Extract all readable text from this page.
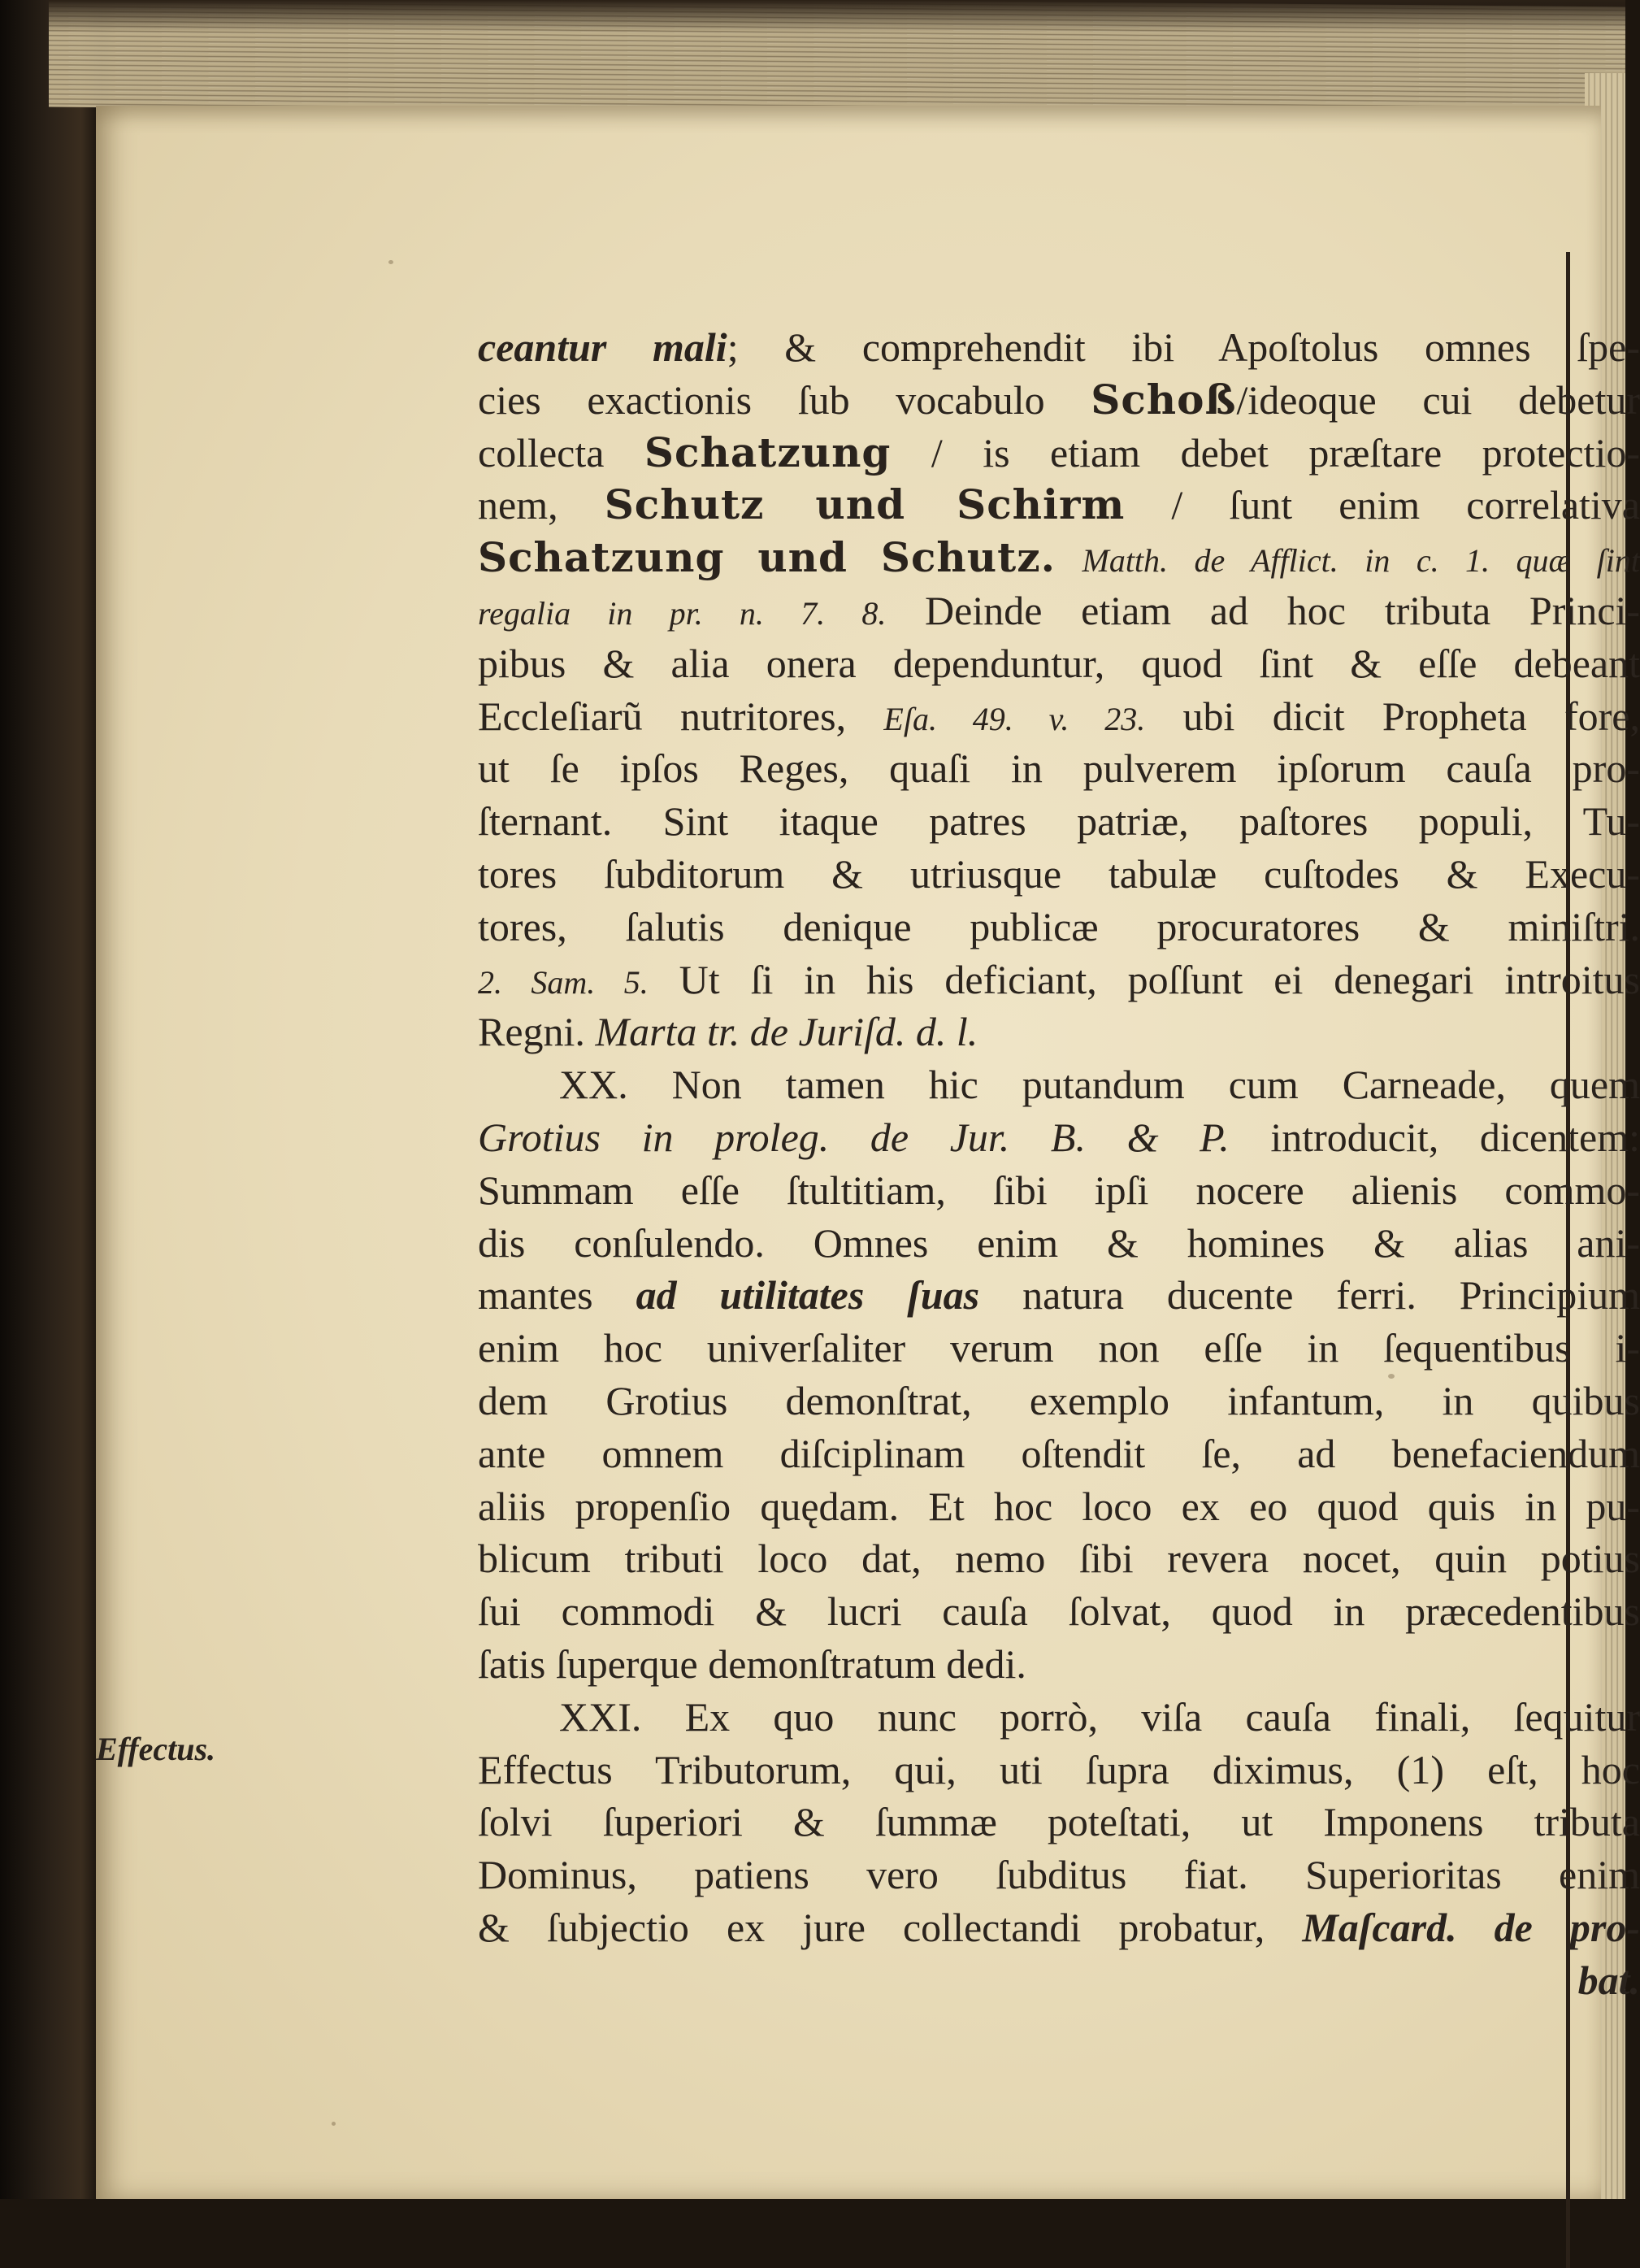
Effectus.
ceantur mali; & comprehendit ibi Apoſtolus omnes ſpe-
cies exactionis ſub vocabulo Schoß/ideoque cui debetur
collecta Schatzung / is etiam debet præſtare protectio-
nem, Schutz und Schirm / ſunt enim correlativa
Schatzung und Schutz. Matth. de Afflict. in c. 1. quæ ſint
regalia in pr. n. 7. 8. Deinde etiam ad hoc tributa Princi-
pibus & alia onera dependuntur, quod ſint & eſſe debeant
Eccleſiarũ nutritores, Eſa. 49. v. 23. ubi dicit Propheta fore,
ut ſe ipſos Reges, quaſi in pulverem ipſorum cauſa pro-
ſternant. Sint itaque patres patriæ, paſtores populi, Tu-
tores ſubditorum & utriusque tabulæ cuſtodes & Execu-
tores, ſalutis denique publicæ procuratores & miniſtri.
2. Sam. 5. Ut ſi in his deficiant, poſſunt ei denegari introitus
Regni. Marta tr. de Juriſd. d. l.
XX. Non tamen hic putandum cum Carneade, quem
Grotius in proleg. de Jur. B. & P. introducit, dicentem:
Summam eſſe ſtultitiam, ſibi ipſi nocere alienis commo-
dis conſulendo. Omnes enim & homines & alias ani-
mantes ad utilitates ſuas natura ducente ferri. Principium
enim hoc univerſaliter verum non eſſe in ſequentibus i-
dem Grotius demonſtrat, exemplo infantum, in quibus
ante omnem diſciplinam oſtendit ſe, ad benefaciendum
aliis propenſio quędam. Et hoc loco ex eo quod quis in pu-
blicum tributi loco dat, nemo ſibi revera nocet, quin potius
ſui commodi & lucri cauſa ſolvat, quod in præcedentibus
ſatis ſuperque demonſtratum dedi.
XXI. Ex quo nunc porrò, viſa cauſa finali, ſequitur
Effectus Tributorum, qui, uti ſupra diximus, (1) eſt, hoc
ſolvi ſuperiori & ſummæ poteſtati, ut Imponens tributa
Dominus, patiens vero ſubditus fiat. Superioritas enim
& ſubjectio ex jure collectandi probatur, Maſcard. de pro-
bat.
